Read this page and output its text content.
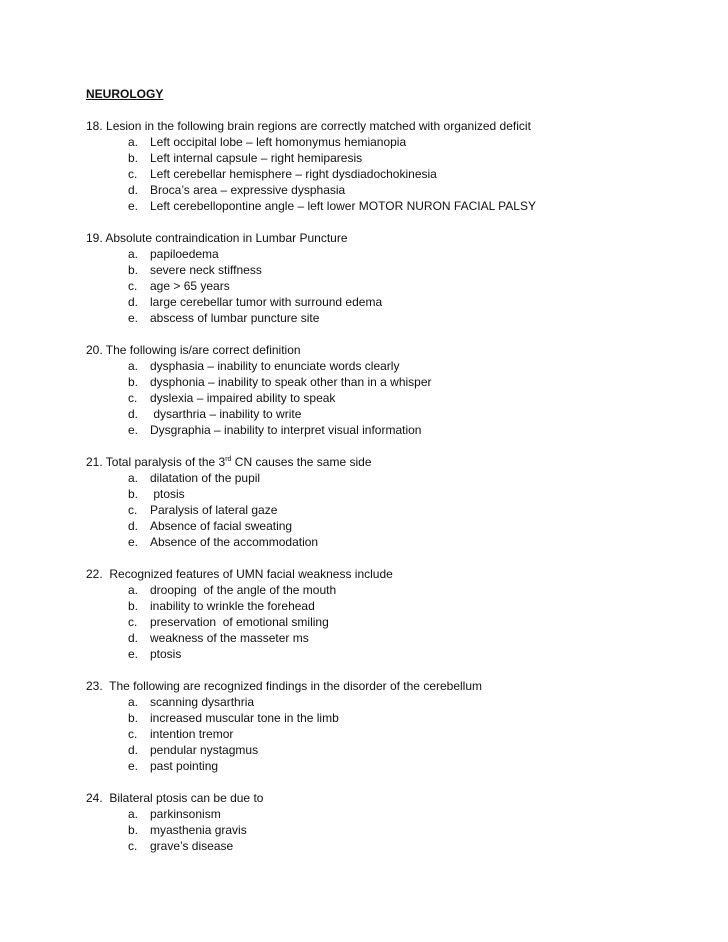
NEUROLOGY
18. Lesion in the following brain regions are correctly matched with organized deficit
a. Left occipital lobe – left homonymus hemianopia
b. Left internal capsule – right hemiparesis
c. Left cerebellar hemisphere – right dysdiadochokinesia
d. Broca’s area – expressive dysphasia
e. Left cerebellopontine angle – left lower MOTOR NURON FACIAL PALSY
19. Absolute contraindication in Lumbar Puncture
a. papiloedema
b. severe neck stiffness
c. age > 65 years
d. large cerebellar tumor with surround edema
e. abscess of lumbar puncture site
20. The following is/are correct definition
a. dysphasia – inability to enunciate words clearly
b. dysphonia – inability to speak other than in a whisper
c. dyslexia – impaired ability to speak
d. dysarthria – inability to write
e. Dysgraphia – inability to interpret visual information
21. Total paralysis of the 3rd CN causes the same side
a. dilatation of the pupil
b. ptosis
c. Paralysis of lateral gaze
d. Absence of facial sweating
e. Absence of the accommodation
22.  Recognized features of UMN facial weakness include
a. drooping  of the angle of the mouth
b. inability to wrinkle the forehead
c. preservation  of emotional smiling
d. weakness of the masseter ms
e. ptosis
23.  The following are recognized findings in the disorder of the cerebellum
a. scanning dysarthria
b. increased muscular tone in the limb
c. intention tremor
d. pendular nystagmus
e. past pointing
24.  Bilateral ptosis can be due to
a. parkinsonism
b. myasthenia gravis
c. grave’s disease
